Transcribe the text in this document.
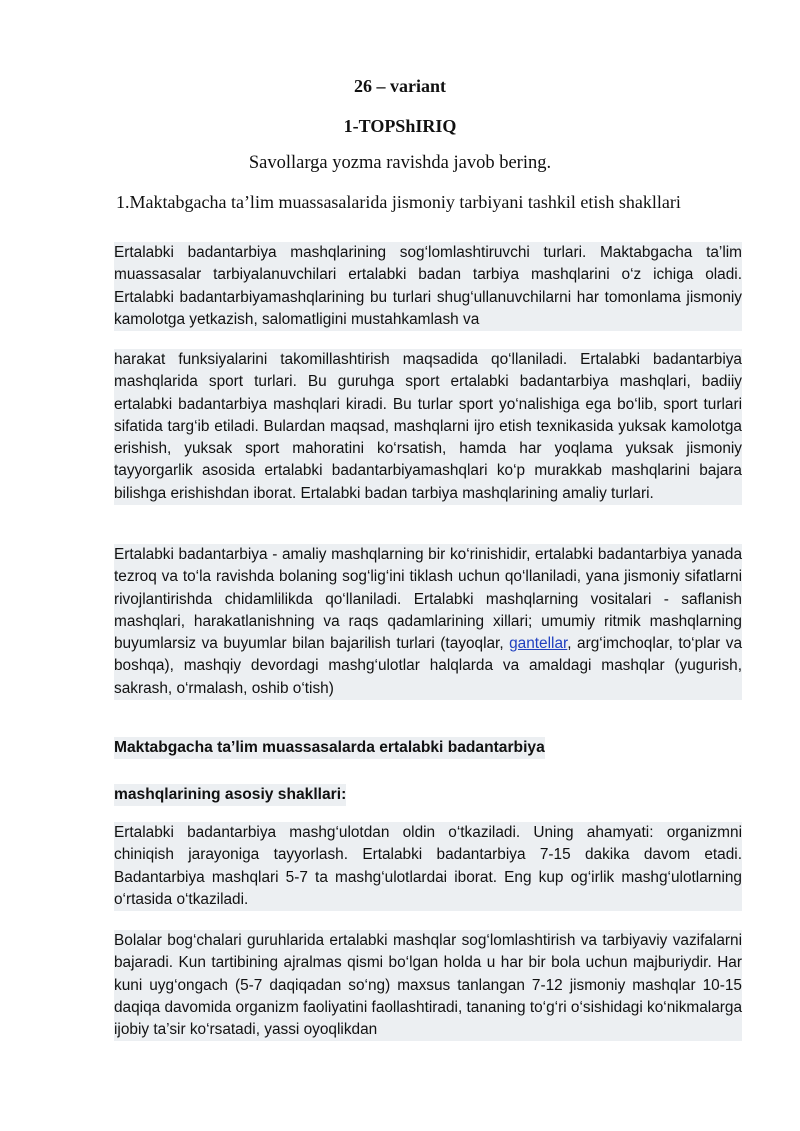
26 – variant
1-TOPShIRIQ
Savollarga yozma ravishda javob bering.
1.Maktabgacha ta’lim muassasalarida jismoniy tarbiyani tashkil etish shakllari
Ertalabki badantarbiya mashqlarining sog‘lomlashtiruvchi turlari. Maktabgacha ta’lim muassasalar tarbiyalanuvchilari ertalabki badan tarbiya mashqlarini o‘z ichiga oladi. Ertalabki badantarbiyamashqlarining bu turlari shug‘ullanuvchilarni har tomonlama jismoniy kamolotga yetkazish, salomatligini mustahkamlash va
harakat funksiyalarini takomillashtirish maqsadida qo‘llaniladi. Ertalabki badantarbiya mashqlarida sport turlari. Bu guruhga sport ertalabki badantarbiya mashqlari, badiiy ertalabki badantarbiya mashqlari kiradi. Bu turlar sport yo‘nalishiga ega bo‘lib, sport turlari sifatida targ‘ib etiladi. Bulardan maqsad, mashqlarni ijro etish texnikasida yuksak kamolotga erishish, yuksak sport mahoratini ko‘rsatish, hamda har yoqlama yuksak jismoniy tayyorgarlik asosida ertalabki badantarbiyamashqlari ko‘p murakkab mashqlarini bajara bilishga erishishdan iborat. Ertalabki badan tarbiya mashqlarining amaliy turlari.
Ertalabki badantarbiya - amaliy mashqlarning bir ko‘rinishidir, ertalabki badantarbiya yanada tezroq va to‘la ravishda bolaning sog‘lig‘ini tiklash uchun qo‘llaniladi, yana jismoniy sifatlarni rivojlantirishda chidamlilikda qo‘llaniladi. Ertalabki mashqlarning vositalari - saflanish mashqlari, harakatlanishning va raqs qadamlarining xillari; umumiy ritmik mashqlarning buyumlarsiz va buyumlar bilan bajarilish turlari (tayoqlar, gantellar, arg‘imchoqlar, to‘plar va boshqa), mashqiy devordagi mashg‘ulotlar halqlarda va amaldagi mashqlar (yugurish, sakrash, o‘rmalash, oshib o‘tish)
Maktabgacha ta’lim muassasalarda ertalabki badantarbiya
mashqlarining asosiy shakllari:
Ertalabki badantarbiya mashg‘ulotdan oldin o‘tkaziladi. Uning ahamyati: organizmni chiniqish jarayoniga tayyorlash. Ertalabki badantarbiya 7-15 dakika davom etadi. Badantarbiya mashqlari 5-7 ta mashg‘ulotlardai iborat. Eng kup og‘irlik mashg‘ulotlarning o‘rtasida o‘tkaziladi.
Bolalar bog‘chalari guruhlarida ertalabki mashqlar sog‘lomlashtirish va tarbiyaviy vazifalarni bajaradi. Kun tartibining ajralmas qismi bo‘lgan holda u har bir bola uchun majburiydir. Har kuni uyg‘ongach (5-7 daqiqadan so‘ng) maxsus tanlangan 7-12 jismoniy mashqlar 10-15 daqiqa davomida organizm faoliyatini faollashtiradi, tananing to‘g‘ri o‘sishidagi ko‘nikmalarga ijobiy ta’sir ko‘rsatadi, yassi oyoqlikdan
